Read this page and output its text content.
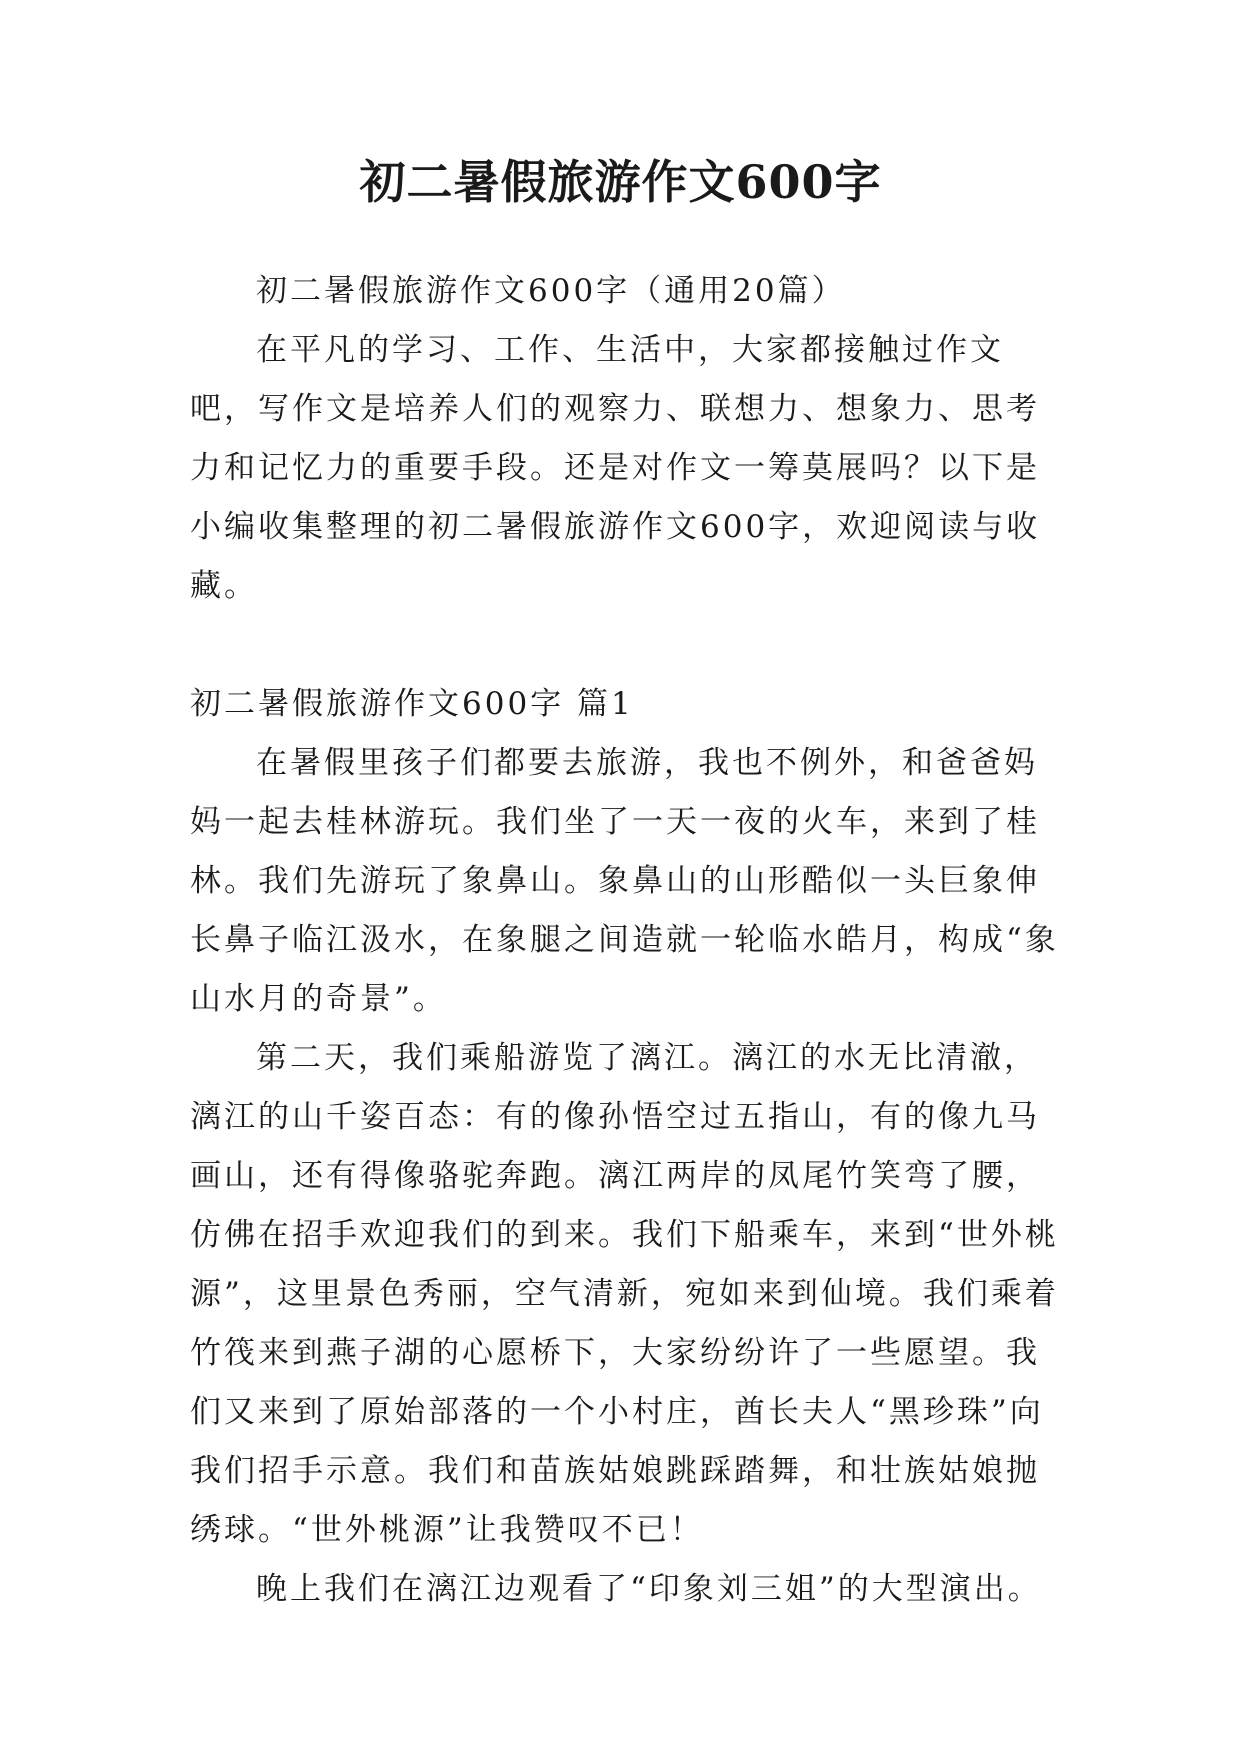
初二暑假旅游作文600字

初二暑假旅游作文600字（通用20篇）

在平凡的学习、工作、生活中，大家都接触过作文吧，写作文是培养人们的观察力、联想力、想象力、思考力和记忆力的重要手段。还是对作文一筹莫展吗？以下是小编收集整理的初二暑假旅游作文600字，欢迎阅读与收藏。

初二暑假旅游作文600字 篇1

在暑假里孩子们都要去旅游，我也不例外，和爸爸妈妈一起去桂林游玩。我们坐了一天一夜的火车，来到了桂林。我们先游玩了象鼻山。象鼻山的山形酷似一头巨象伸长鼻子临江汲水，在象腿之间造就一轮临水皓月，构成“象山水月的奇景”。

第二天，我们乘船游览了漓江。漓江的水无比清澈，漓江的山千姿百态：有的像孙悟空过五指山，有的像九马画山，还有得像骆驼奔跑。漓江两岸的凤尾竹笑弯了腰，仿佛在招手欢迎我们的到来。我们下船乘车，来到“世外桃源”，这里景色秀丽，空气清新，宛如来到仙境。我们乘着竹筏来到燕子湖的心愿桥下，大家纷纷许了一些愿望。我们又来到了原始部落的一个小村庄，酋长夫人“黑珍珠”向我们招手示意。我们和苗族姑娘跳踩踏舞，和壮族姑娘抛绣球。“世外桃源”让我赞叹不已！

晚上我们在漓江边观看了“印象刘三姐”的大型演出。
